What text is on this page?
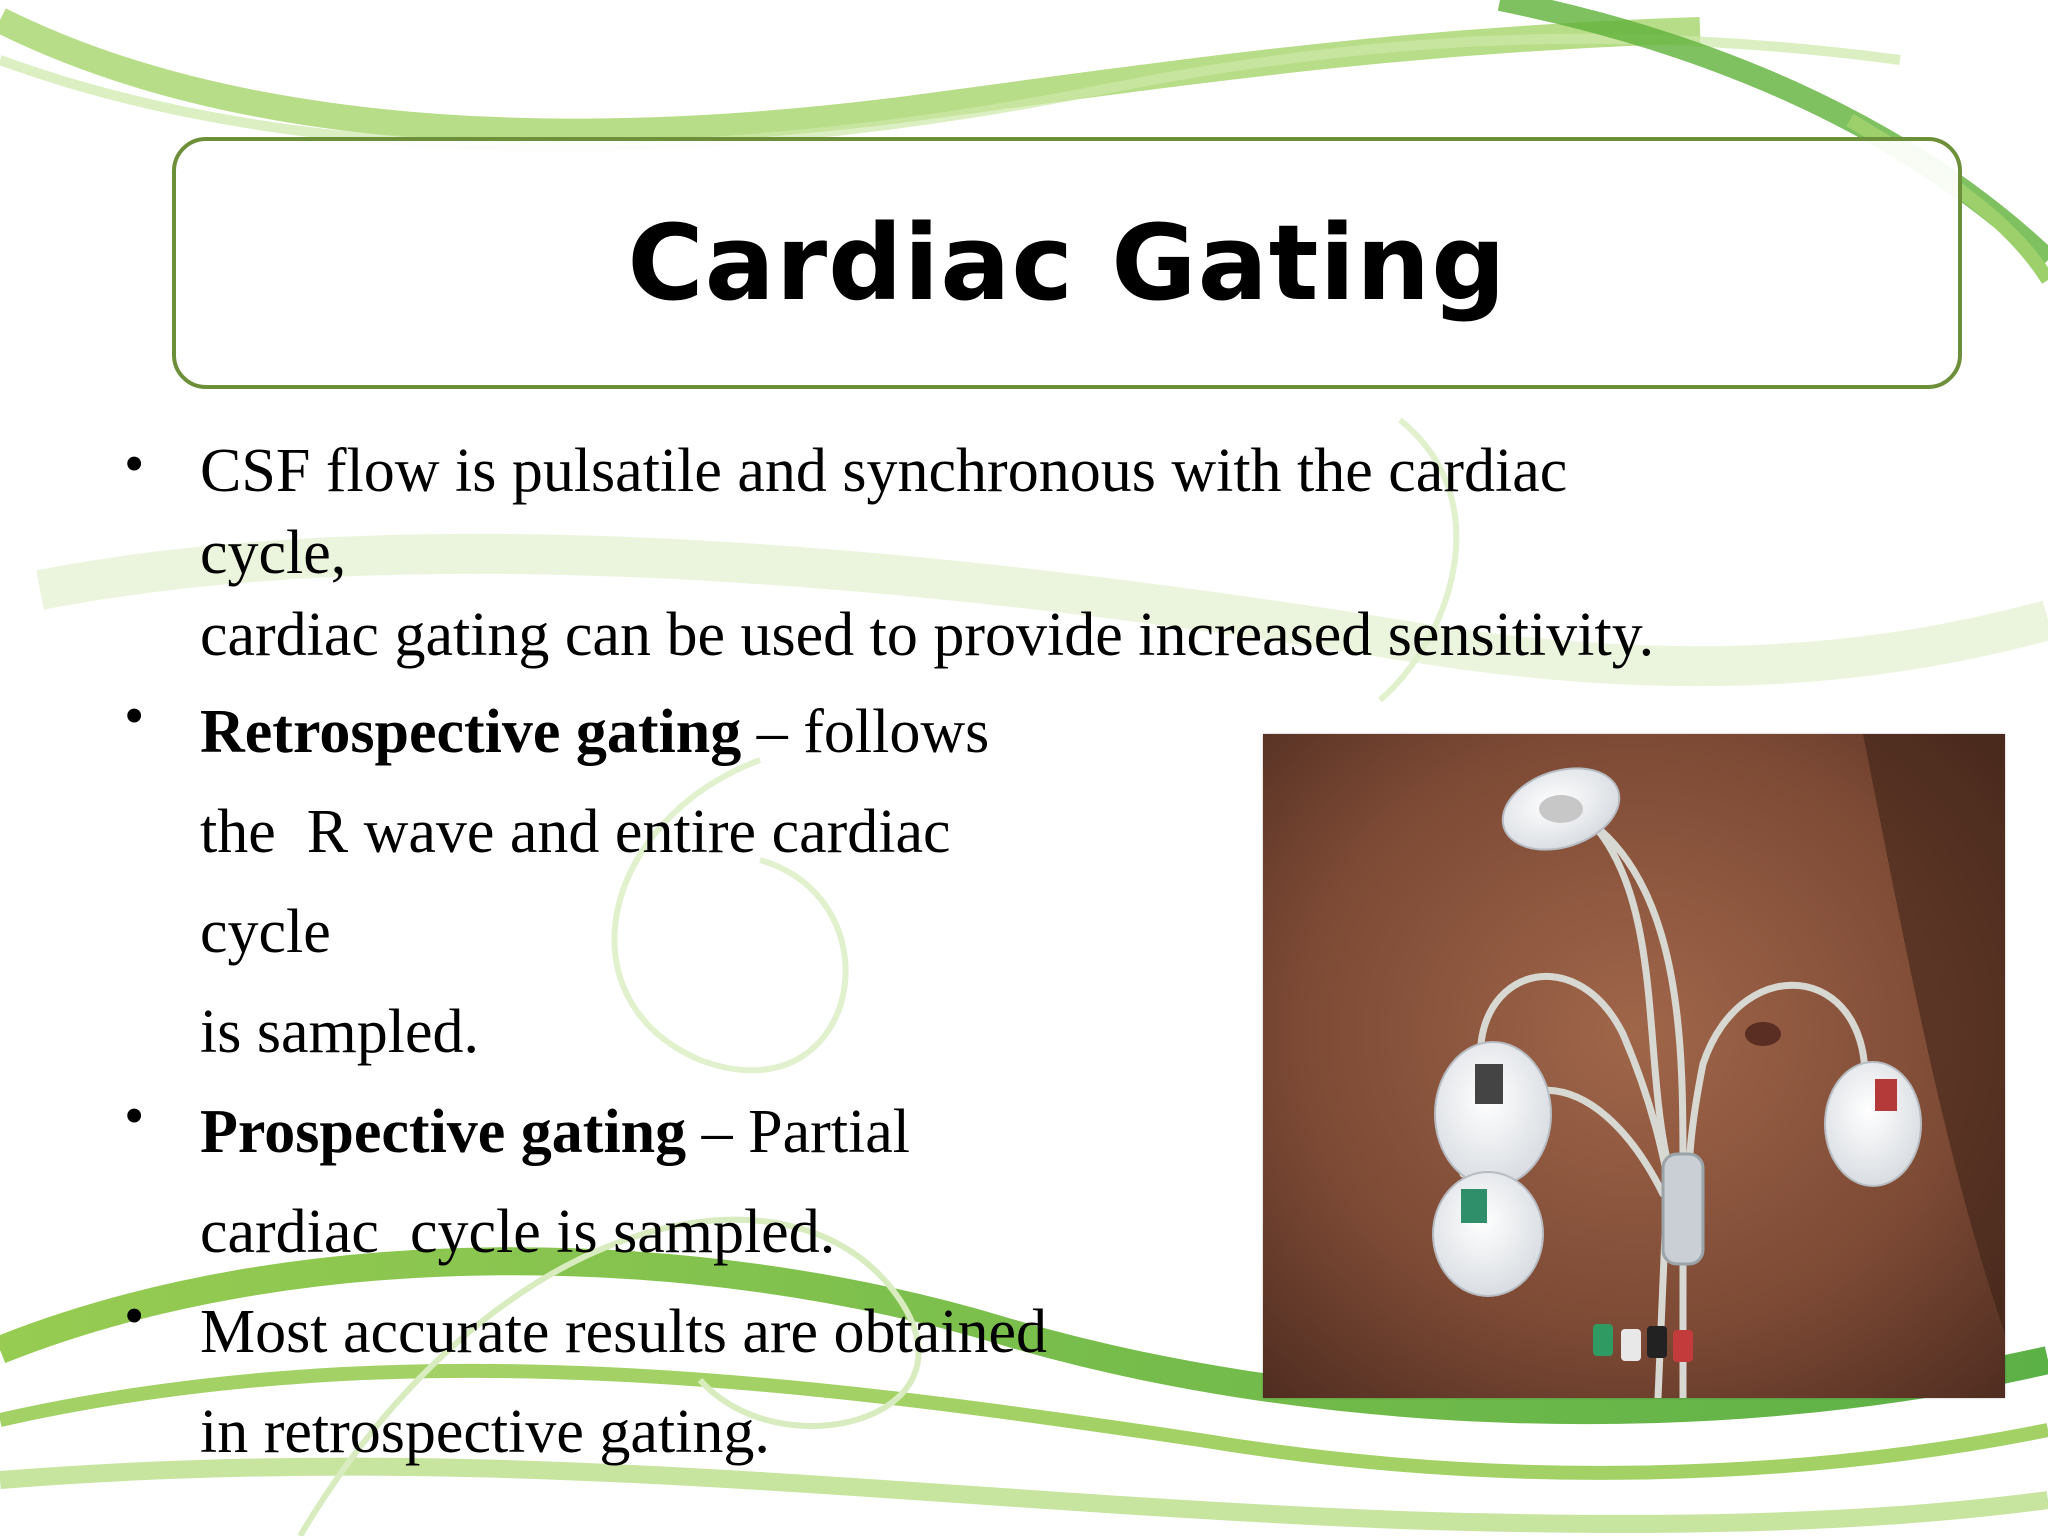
Cardiac Gating
• CSF flow is pulsatile and synchronous with the cardiac
cycle,
cardiac gating can be used to provide increased sensitivity.
• Retrospective gating – follows
the  R wave and entire cardiac
cycle
is sampled.
• Prospective gating – Partial
cardiac  cycle is sampled.
• Most accurate results are obtained
in retrospective gating.
